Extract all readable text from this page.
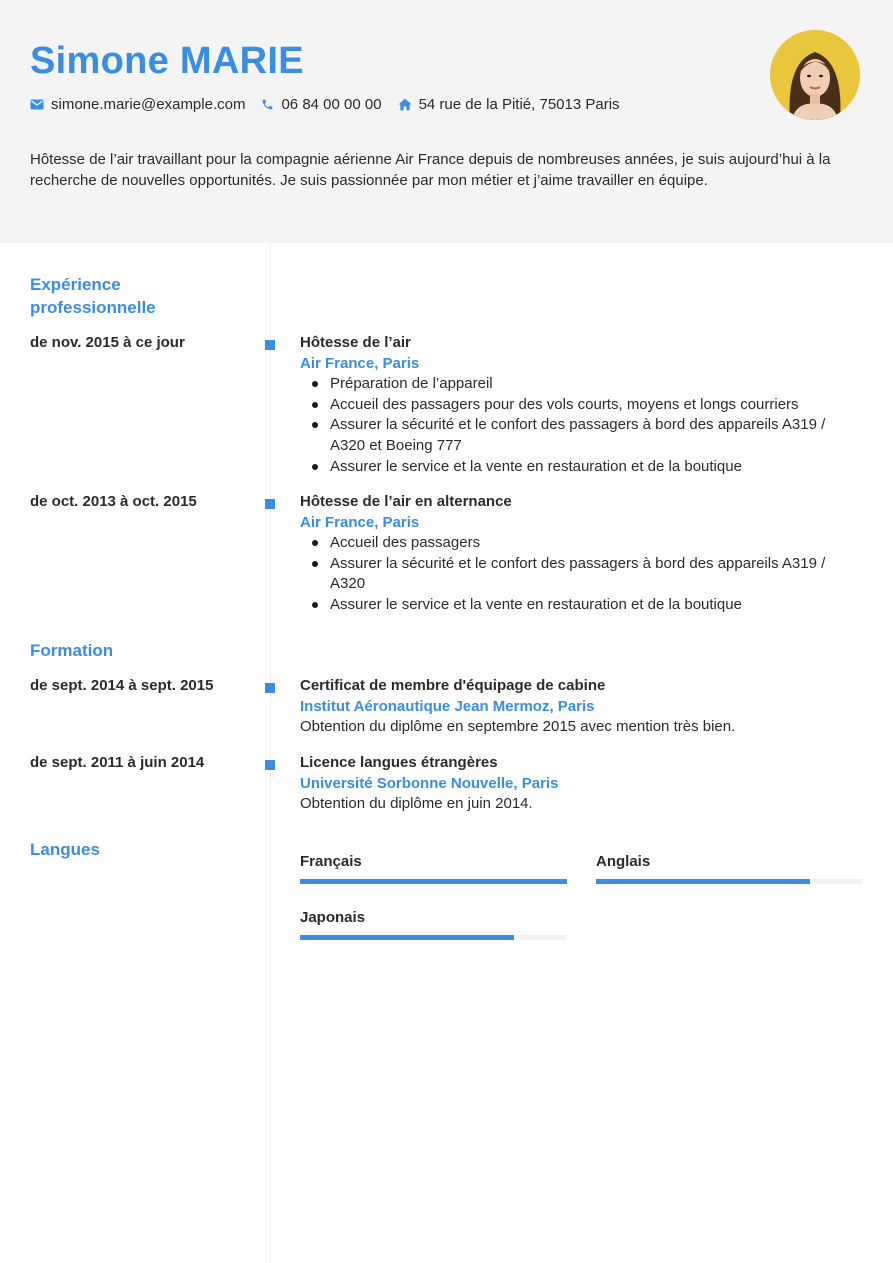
Simone MARIE
simone.marie@example.com 06 84 00 00 00 54 rue de la Pitié, 75013 Paris

Hôtesse de l’air travaillant pour la compagnie aérienne Air France depuis de nombreuses années, je suis aujourd’hui à la recherche de nouvelles opportunités. Je suis passionnée par mon métier et j’aime travailler en équipe.

Expérience professionnelle
de nov. 2015 à ce jour	Hôtesse de l’air
Air France, Paris
Préparation de l’appareil
Accueil des passagers pour des vols courts, moyens et longs courriers
Assurer la sécurité et le confort des passagers à bord des appareils A319 / A320 et Boeing 777
Assurer le service et la vente en restauration et de la boutique
de oct. 2013 à oct. 2015	Hôtesse de l’air en alternance
Air France, Paris
Accueil des passagers
Assurer la sécurité et le confort des passagers à bord des appareils A319 / A320
Assurer le service et la vente en restauration et de la boutique
Formation
de sept. 2014 à sept. 2015	Certificat de membre d'équipage de cabine
Institut Aéronautique Jean Mermoz, Paris
Obtention du diplôme en septembre 2015 avec mention très bien.
de sept. 2011 à juin 2014	Licence langues étrangères
Université Sorbonne Nouvelle, Paris
Obtention du diplôme en juin 2014.
Langues
Français	Anglais
Japonais
